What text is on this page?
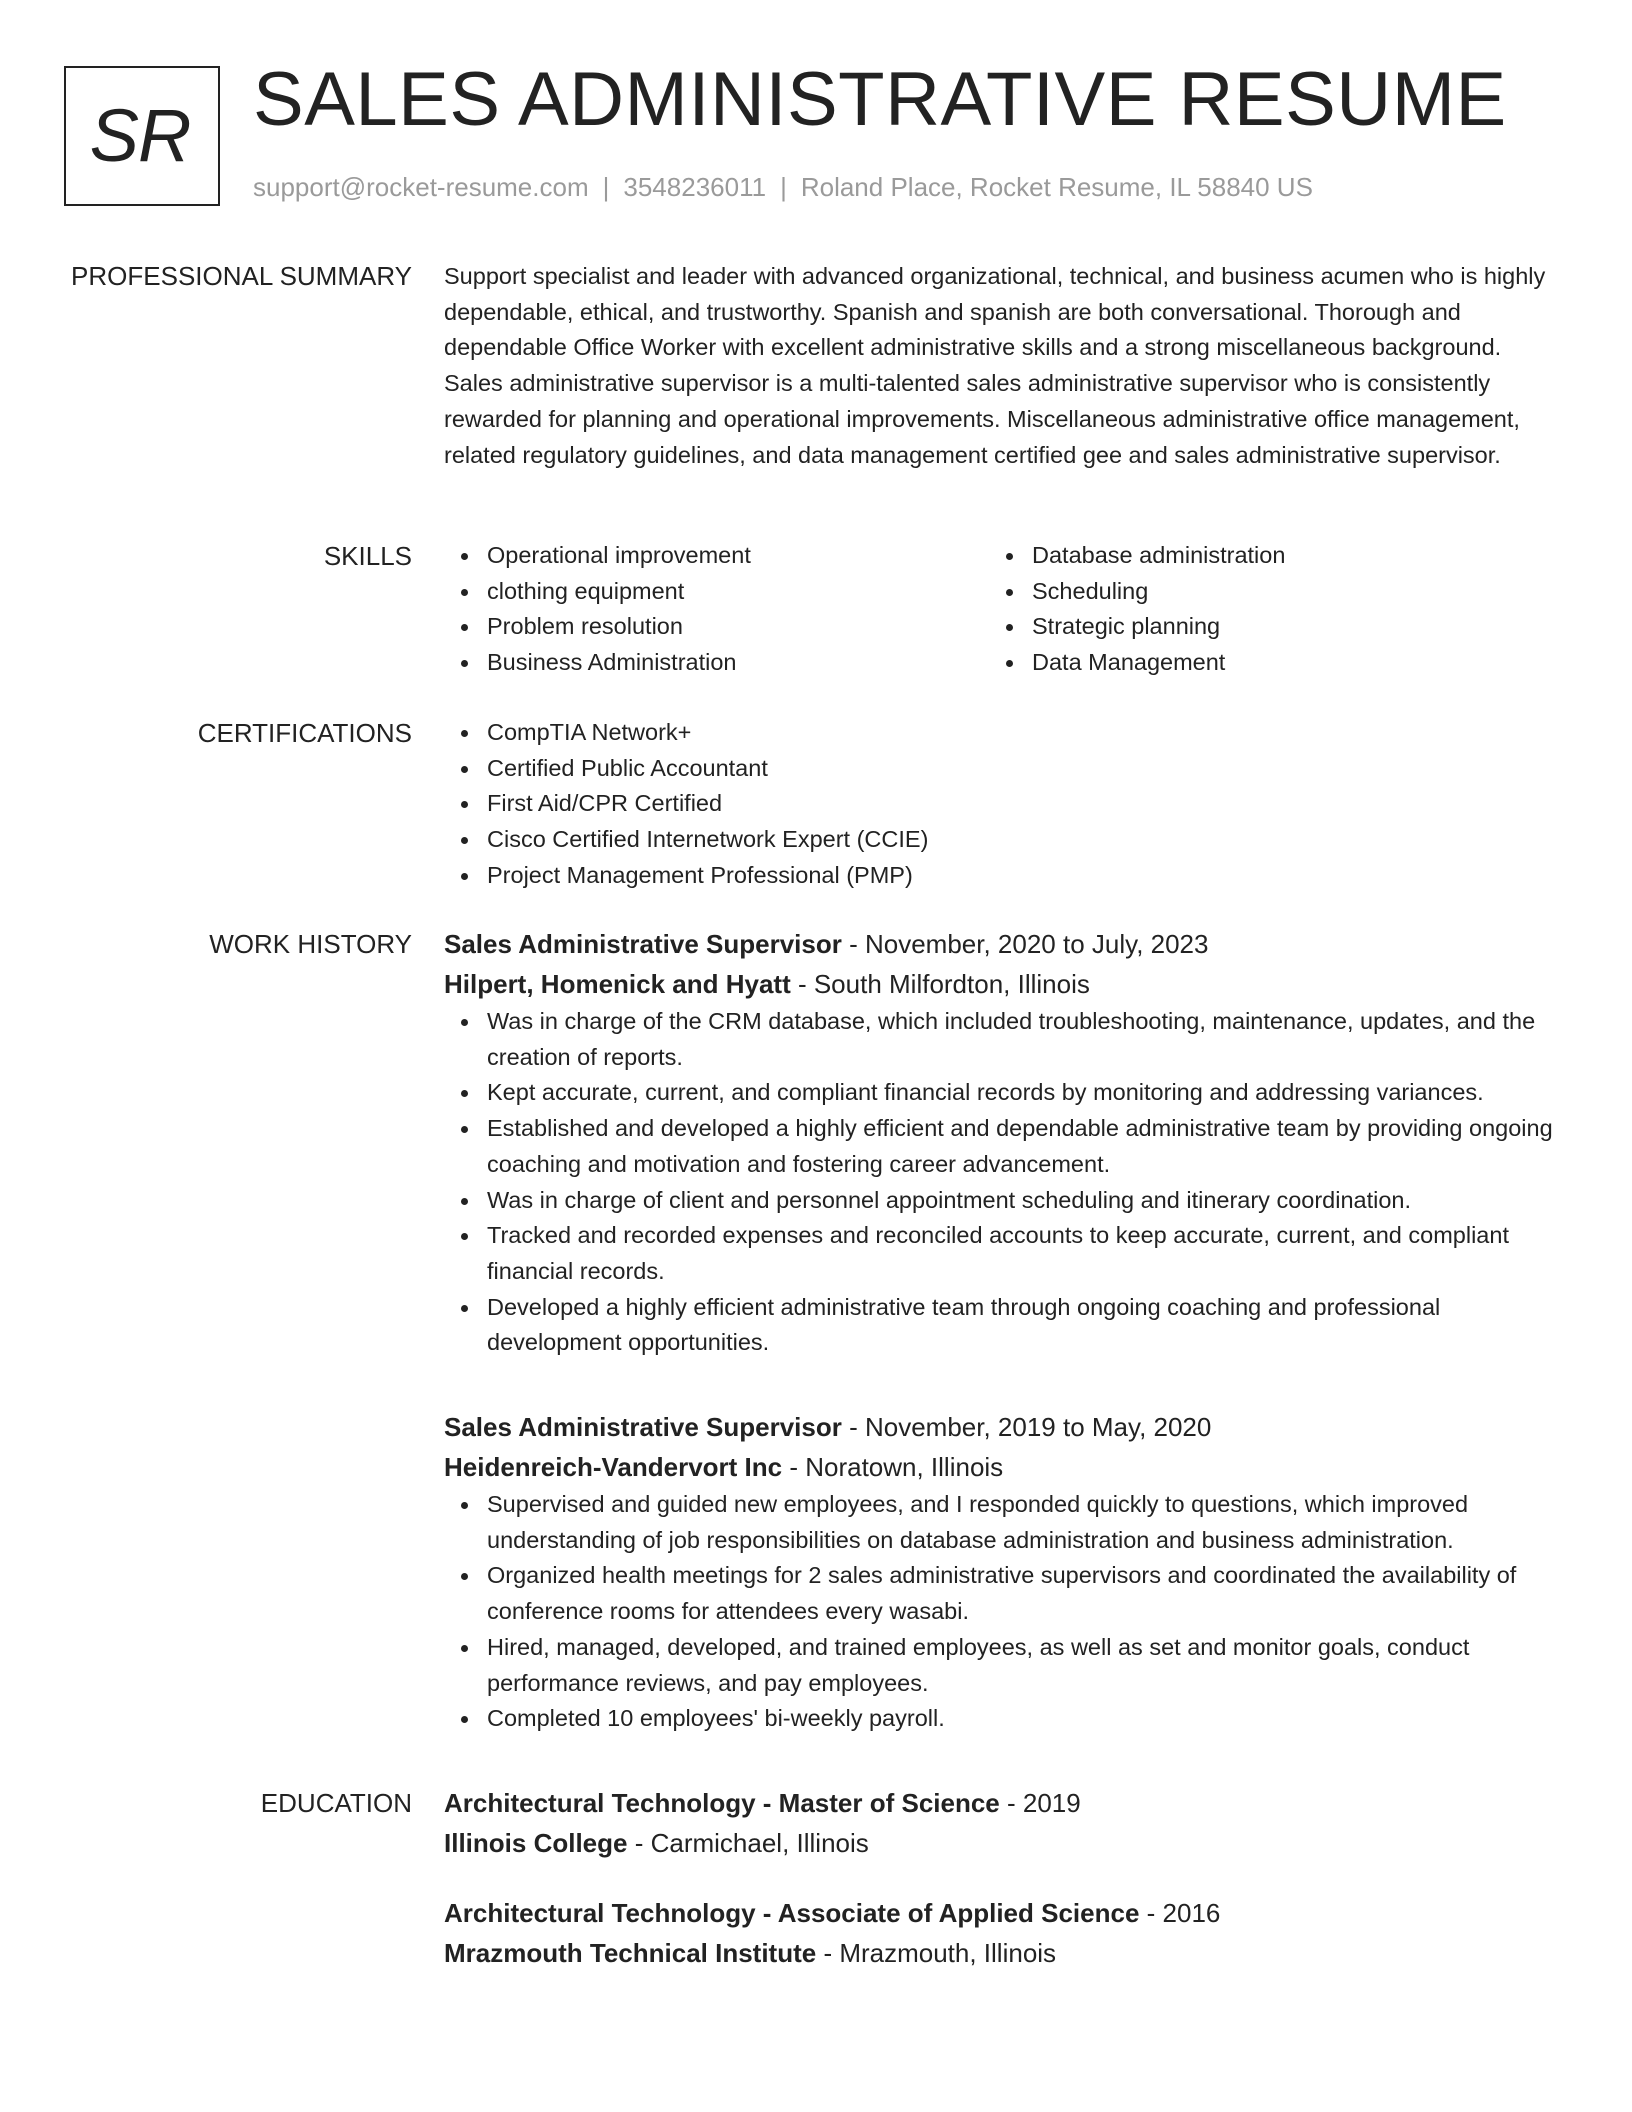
SR SALES ADMINISTRATIVE RESUME
support@rocket-resume.com | 3548236011 | Roland Place, Rocket Resume, IL 58840 US
PROFESSIONAL SUMMARY Support specialist and leader with advanced organizational, technical, and business acumen who is highly dependable, ethical, and trustworthy. Spanish and spanish are both conversational. Thorough and dependable Office Worker with excellent administrative skills and a strong miscellaneous background. Sales administrative supervisor is a multi-talented sales administrative supervisor who is consistently rewarded for planning and operational improvements. Miscellaneous administrative office management, related regulatory guidelines, and data management certified gee and sales administrative supervisor.

SKILLS	Operational improvement
clothing equipment
Problem resolution
Business Administration
Database administration
Scheduling
Strategic planning
Data Management
CERTIFICATIONS	CompTIA Network+
Certified Public Accountant
First Aid/CPR Certified
Cisco Certified Internetwork Expert (CCIE)
Project Management Professional (PMP)
WORK HISTORY Sales Administrative Supervisor - November, 2020 to July, 2023
Hilpert, Homenick and Hyatt - South Milfordton, Illinois
Was in charge of the CRM database, which included troubleshooting, maintenance, updates, and the creation of reports.
Kept accurate, current, and compliant financial records by monitoring and addressing variances.
Established and developed a highly efficient and dependable administrative team by providing ongoing coaching and motivation and fostering career advancement.
Was in charge of client and personnel appointment scheduling and itinerary coordination.
Tracked and recorded expenses and reconciled accounts to keep accurate, current, and compliant financial records.
Developed a highly efficient administrative team through ongoing coaching and professional development opportunities.
Sales Administrative Supervisor - November, 2019 to May, 2020
Heidenreich-Vandervort Inc - Noratown, Illinois
Supervised and guided new employees, and I responded quickly to questions, which improved understanding of job responsibilities on database administration and business administration.
Organized health meetings for 2 sales administrative supervisors and coordinated the availability of conference rooms for attendees every wasabi.
Hired, managed, developed, and trained employees, as well as set and monitor goals, conduct performance reviews, and pay employees.
Completed 10 employees' bi-weekly payroll.
EDUCATION Architectural Technology - Master of Science - 2019
Illinois College - Carmichael, Illinois
Architectural Technology - Associate of Applied Science - 2016
Mrazmouth Technical Institute - Mrazmouth, Illinois
